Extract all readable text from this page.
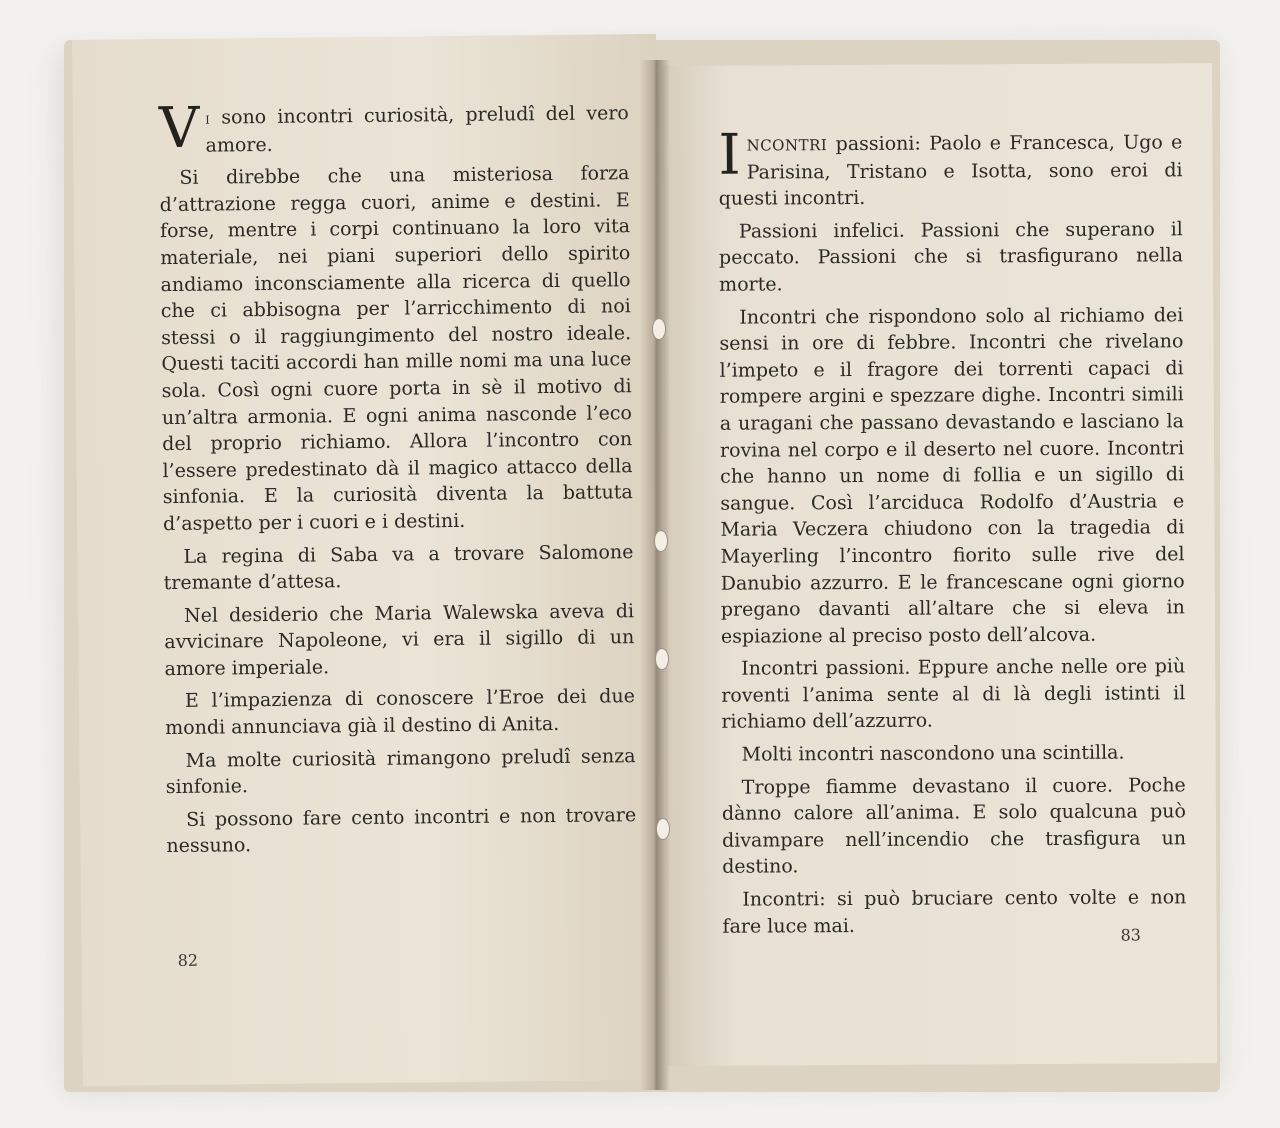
V i sono incontri curiosità, preludî del vero amore.

Si direbbe che una misteriosa forza d’attrazione regga cuori, anime e destini. E forse, mentre i corpi continuano la loro vita materiale, nei piani superiori dello spirito andiamo inconsciamente alla ricerca di quello che ci abbisogna per l’arricchimento di noi stessi o il raggiungimento del nostro ideale. Questi taciti accordi han mille nomi ma una luce sola. Così ogni cuore porta in sè il motivo di un’altra armonia. E ogni anima nasconde l’eco del proprio richiamo. Allora l’incontro con l’essere predestinato dà il magico attacco della sinfonia. E la curiosità diventa la battuta d’aspetto per i cuori e i destini.

La regina di Saba va a trovare Salomone tremante d’attesa.

Nel desiderio che Maria Walewska aveva di avvicinare Napoleone, vi era il sigillo di un amore imperiale.

E l’impazienza di conoscere l’Eroe dei due mondi annunciava già il destino di Anita.

Ma molte curiosità rimangono preludî senza sinfonie.

Si possono fare cento incontri e non trovare nessuno.

82

I NCONTRI passioni: Paolo e Francesca, Ugo e Parisina, Tristano e Isotta, sono eroi di questi incontri.

Passioni infelici. Passioni che superano il peccato. Passioni che si trasfigurano nella morte.

Incontri che rispondono solo al richiamo dei sensi in ore di febbre. Incontri che rivelano l’impeto e il fragore dei torrenti capaci di rompere argini e spezzare dighe. Incontri simili a uragani che passano devastando e lasciano la rovina nel corpo e il deserto nel cuore. Incontri che hanno un nome di follia e un sigillo di sangue. Così l’arciduca Rodolfo d’Austria e Maria Veczera chiudono con la tragedia di Mayerling l’incontro fiorito sulle rive del Danubio azzurro. E le francescane ogni giorno pregano davanti all’altare che si eleva in espiazione al preciso posto dell’alcova.

Incontri passioni. Eppure anche nelle ore più roventi l’anima sente al di là degli istinti il richiamo dell’azzurro.

Molti incontri nascondono una scintilla.

Troppe fiamme devastano il cuore. Poche dànno calore all’anima. E solo qualcuna può divampare nell’incendio che trasfigura un destino.

Incontri: si può bruciare cento volte e non fare luce mai.	83
